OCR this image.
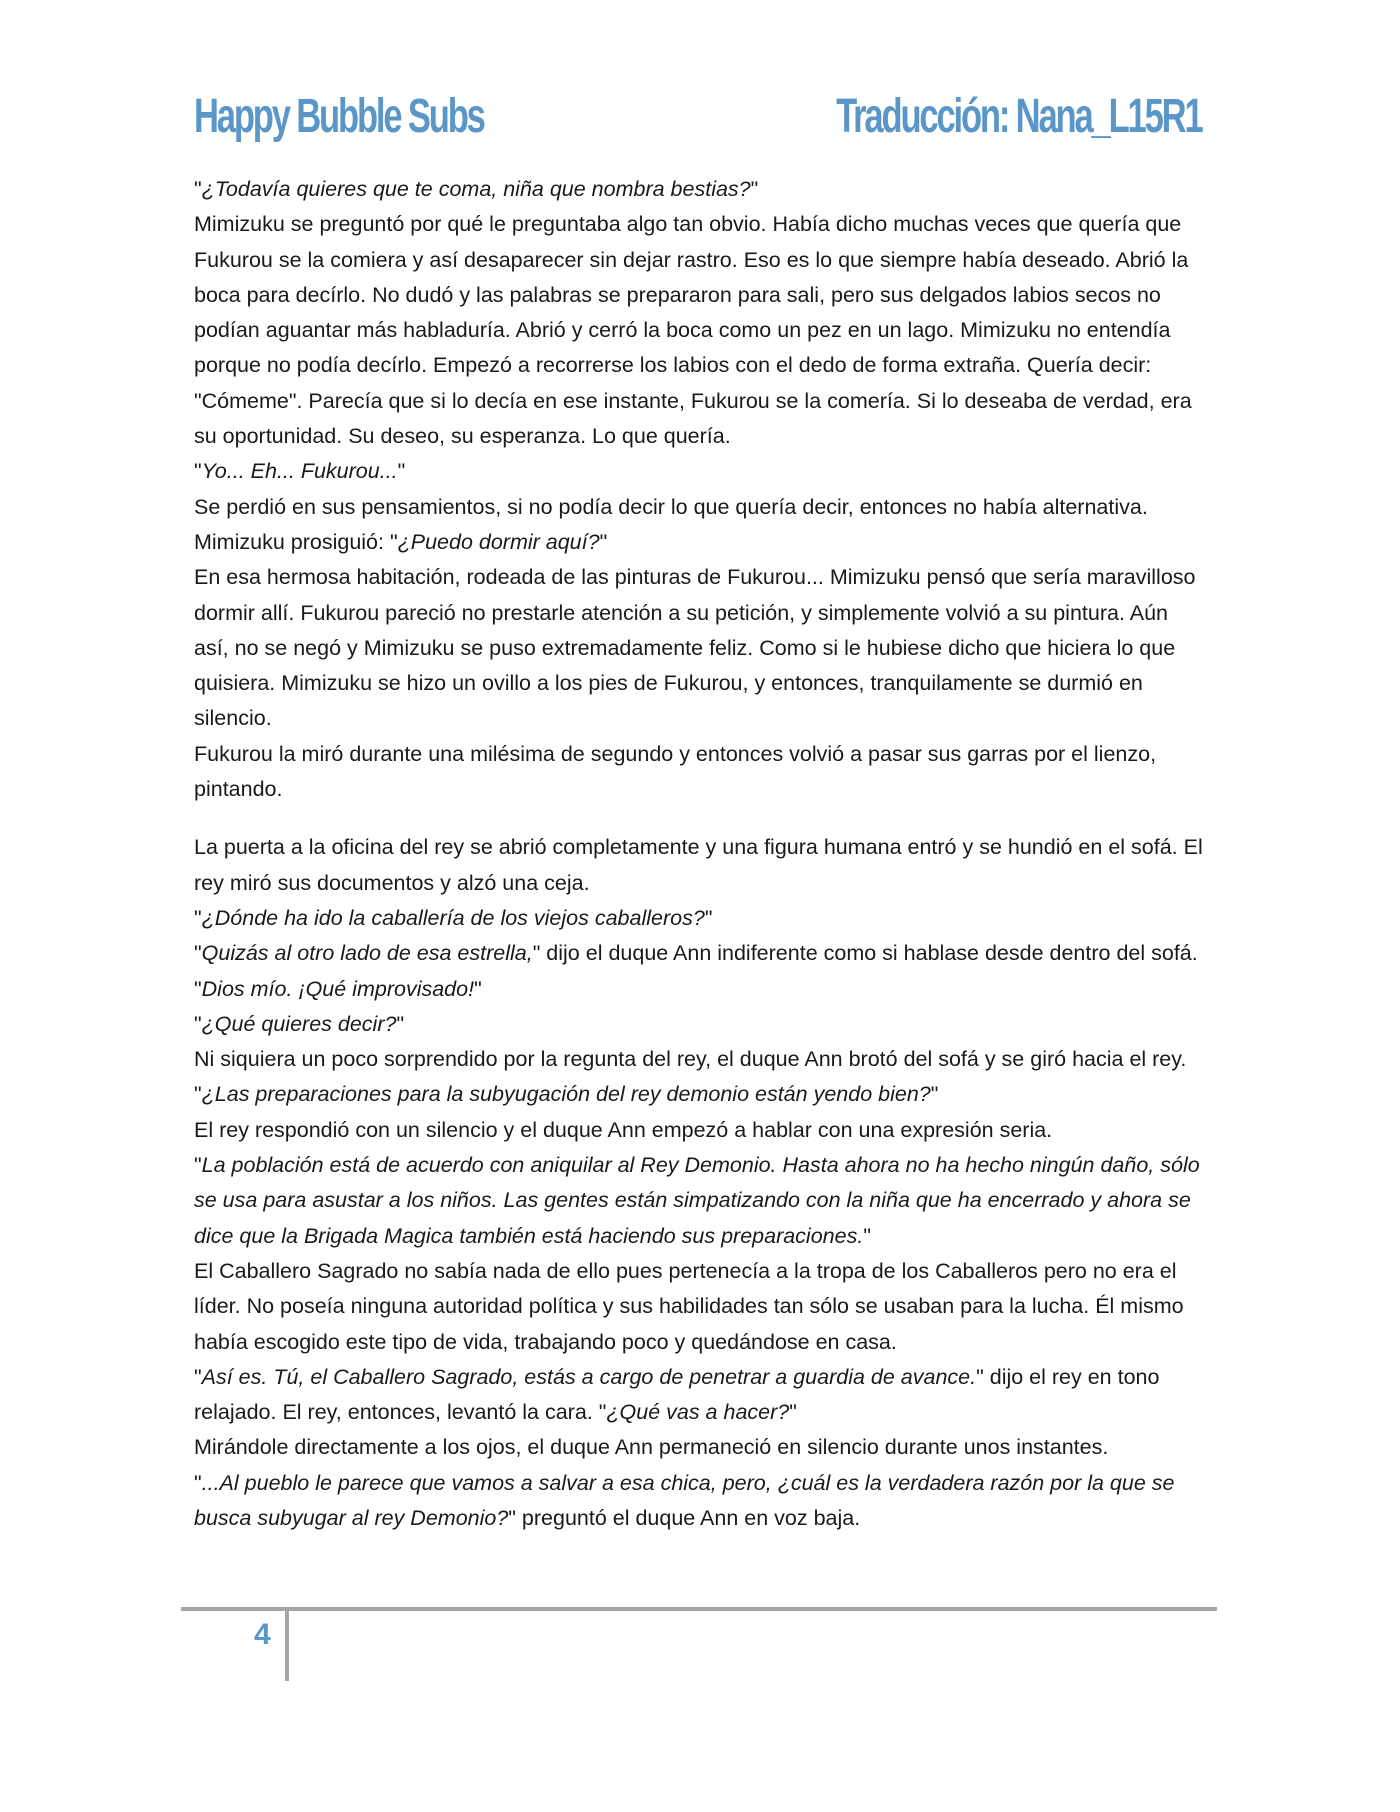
Happy Bubble Subs	Traducción: Nana_L15R1

"¿Todavía quieres que te coma, niña que nombra bestias?"

Mimizuku se preguntó por qué le preguntaba algo tan obvio. Había dicho muchas veces que quería que Fukurou se la comiera y así desaparecer sin dejar rastro. Eso es lo que siempre había deseado. Abrió la boca para decírlo. No dudó y las palabras se prepararon para sali, pero sus delgados labios secos no podían aguantar más habladuría. Abrió y cerró la boca como un pez en un lago. Mimizuku no entendía porque no podía decírlo. Empezó a recorrerse los labios con el dedo de forma extraña. Quería decir: "Cómeme". Parecía que si lo decía en ese instante, Fukurou se la comería. Si lo deseaba de verdad, era su oportunidad. Su deseo, su esperanza. Lo que quería.

"Yo... Eh... Fukurou..."

Se perdió en sus pensamientos, si no podía decir lo que quería decir, entonces no había alternativa. Mimizuku prosiguió: "¿Puedo dormir aquí?"

En esa hermosa habitación, rodeada de las pinturas de Fukurou... Mimizuku pensó que sería maravilloso dormir allí. Fukurou pareció no prestarle atención a su petición, y simplemente volvió a su pintura. Aún así, no se negó y Mimizuku se puso extremadamente feliz. Como si le hubiese dicho que hiciera lo que quisiera. Mimizuku se hizo un ovillo a los pies de Fukurou, y entonces, tranquilamente se durmió en silencio.

Fukurou la miró durante una milésima de segundo y entonces volvió a pasar sus garras por el lienzo, pintando.

La puerta a la oficina del rey se abrió completamente y una figura humana entró y se hundió en el sofá. El rey miró sus documentos y alzó una ceja.

"¿Dónde ha ido la caballería de los viejos caballeros?"

"Quizás al otro lado de esa estrella," dijo el duque Ann indiferente como si hablase desde dentro del sofá.

"Dios mío. ¡Qué improvisado!"

"¿Qué quieres decir?"

Ni siquiera un poco sorprendido por la regunta del rey, el duque Ann brotó del sofá y se giró hacia el rey.

"¿Las preparaciones para la subyugación del rey demonio están yendo bien?"

El rey respondió con un silencio y el duque Ann empezó a hablar con una expresión seria.

"La población está de acuerdo con aniquilar al Rey Demonio. Hasta ahora no ha hecho ningún daño, sólo se usa para asustar a los niños. Las gentes están simpatizando con la niña que ha encerrado y ahora se dice que la Brigada Magica también está haciendo sus preparaciones."

El Caballero Sagrado no sabía nada de ello pues pertenecía a la tropa de los Caballeros pero no era el líder. No poseía ninguna autoridad política y sus habilidades tan sólo se usaban para la lucha. Él mismo había escogido este tipo de vida, trabajando poco y quedándose en casa.

"Así es. Tú, el Caballero Sagrado, estás a cargo de penetrar a guardia de avance." dijo el rey en tono relajado. El rey, entonces, levantó la cara. "¿Qué vas a hacer?"

Mirándole directamente a los ojos, el duque Ann permaneció en silencio durante unos instantes.

"...Al pueblo le parece que vamos a salvar a esa chica, pero, ¿cuál es la verdadera razón por la que se busca subyugar al rey Demonio?" preguntó el duque Ann en voz baja.

4
